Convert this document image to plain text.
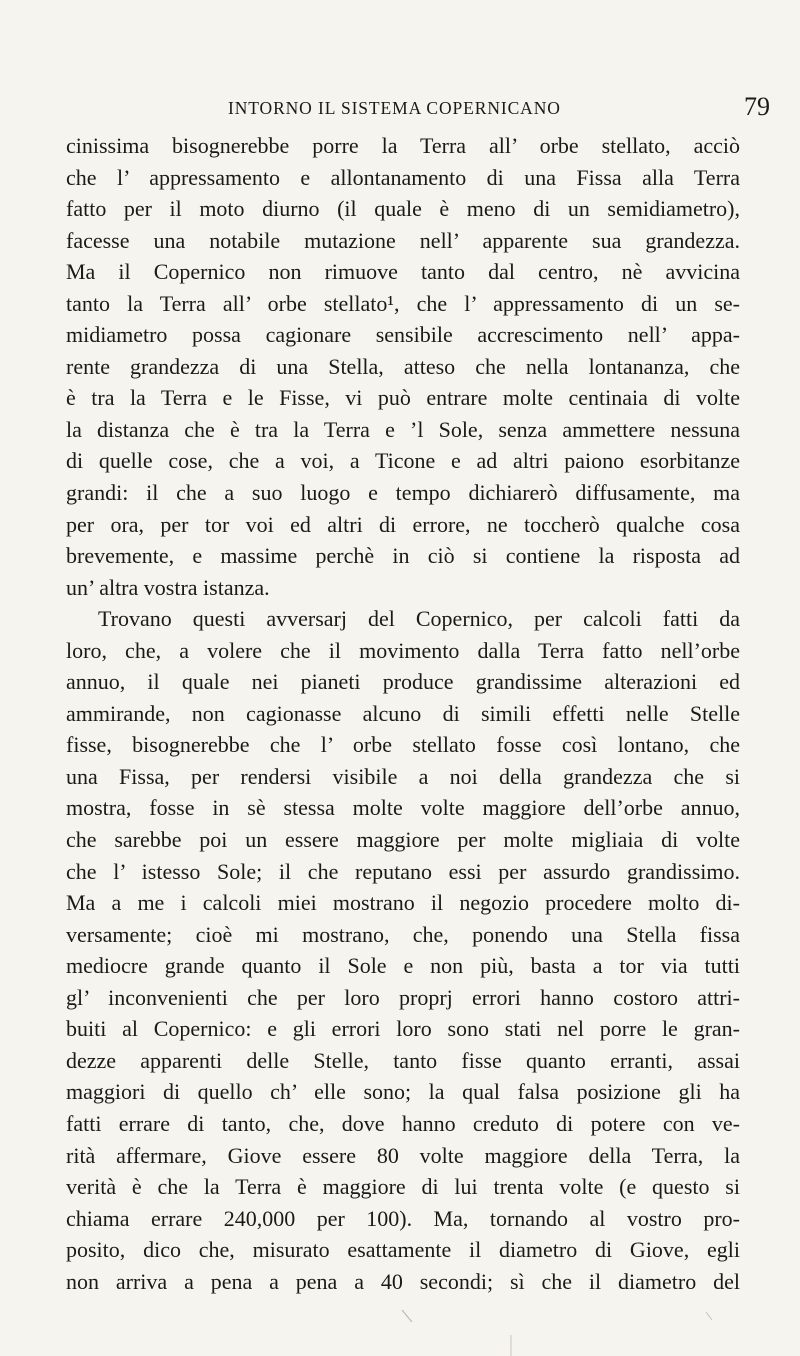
INTORNO IL SISTEMA COPERNICANO	79
cinissima bisognerebbe porre la Terra all’ orbe stellato, acciò
che l’ appressamento e allontanamento di una Fissa alla Terra
fatto per il moto diurno (il quale è meno di un semidiametro),
facesse una notabile mutazione nell’ apparente sua grandezza.
Ma il Copernico non rimuove tanto dal centro, nè avvicina
tanto la Terra all’ orbe stellato¹, che l’ appressamento di un se-
midiametro possa cagionare sensibile accrescimento nell’ appa-
rente grandezza di una Stella, atteso che nella lontananza, che
è tra la Terra e le Fisse, vi può entrare molte centinaia di volte
la distanza che è tra la Terra e ’l Sole, senza ammettere nessuna
di quelle cose, che a voi, a Ticone e ad altri paiono esorbitanze
grandi: il che a suo luogo e tempo dichiarerò diffusamente, ma
per ora, per tor voi ed altri di errore, ne toccherò qualche cosa
brevemente, e massime perchè in ciò si contiene la risposta ad
un’ altra vostra istanza.
Trovano questi avversarj del Copernico, per calcoli fatti da
loro, che, a volere che il movimento dalla Terra fatto nell’orbe
annuo, il quale nei pianeti produce grandissime alterazioni ed
ammirande, non cagionasse alcuno di simili effetti nelle Stelle
fisse, bisognerebbe che l’ orbe stellato fosse così lontano, che
una Fissa, per rendersi visibile a noi della grandezza che si
mostra, fosse in sè stessa molte volte maggiore dell’orbe annuo,
che sarebbe poi un essere maggiore per molte migliaia di volte
che l’ istesso Sole; il che reputano essi per assurdo grandissimo.
Ma a me i calcoli miei mostrano il negozio procedere molto di-
versamente; cioè mi mostrano, che, ponendo una Stella fissa
mediocre grande quanto il Sole e non più, basta a tor via tutti
gl’ inconvenienti che per loro proprj errori hanno costoro attri-
buiti al Copernico: e gli errori loro sono stati nel porre le gran-
dezze apparenti delle Stelle, tanto fisse quanto erranti, assai
maggiori di quello ch’ elle sono; la qual falsa posizione gli ha
fatti errare di tanto, che, dove hanno creduto di potere con ve-
rità affermare, Giove essere 80 volte maggiore della Terra, la
verità è che la Terra è maggiore di lui trenta volte (e questo si
chiama errare 240,000 per 100). Ma, tornando al vostro pro-
posito, dico che, misurato esattamente il diametro di Giove, egli
non arriva a pena a pena a 40 secondi; sì che il diametro del
